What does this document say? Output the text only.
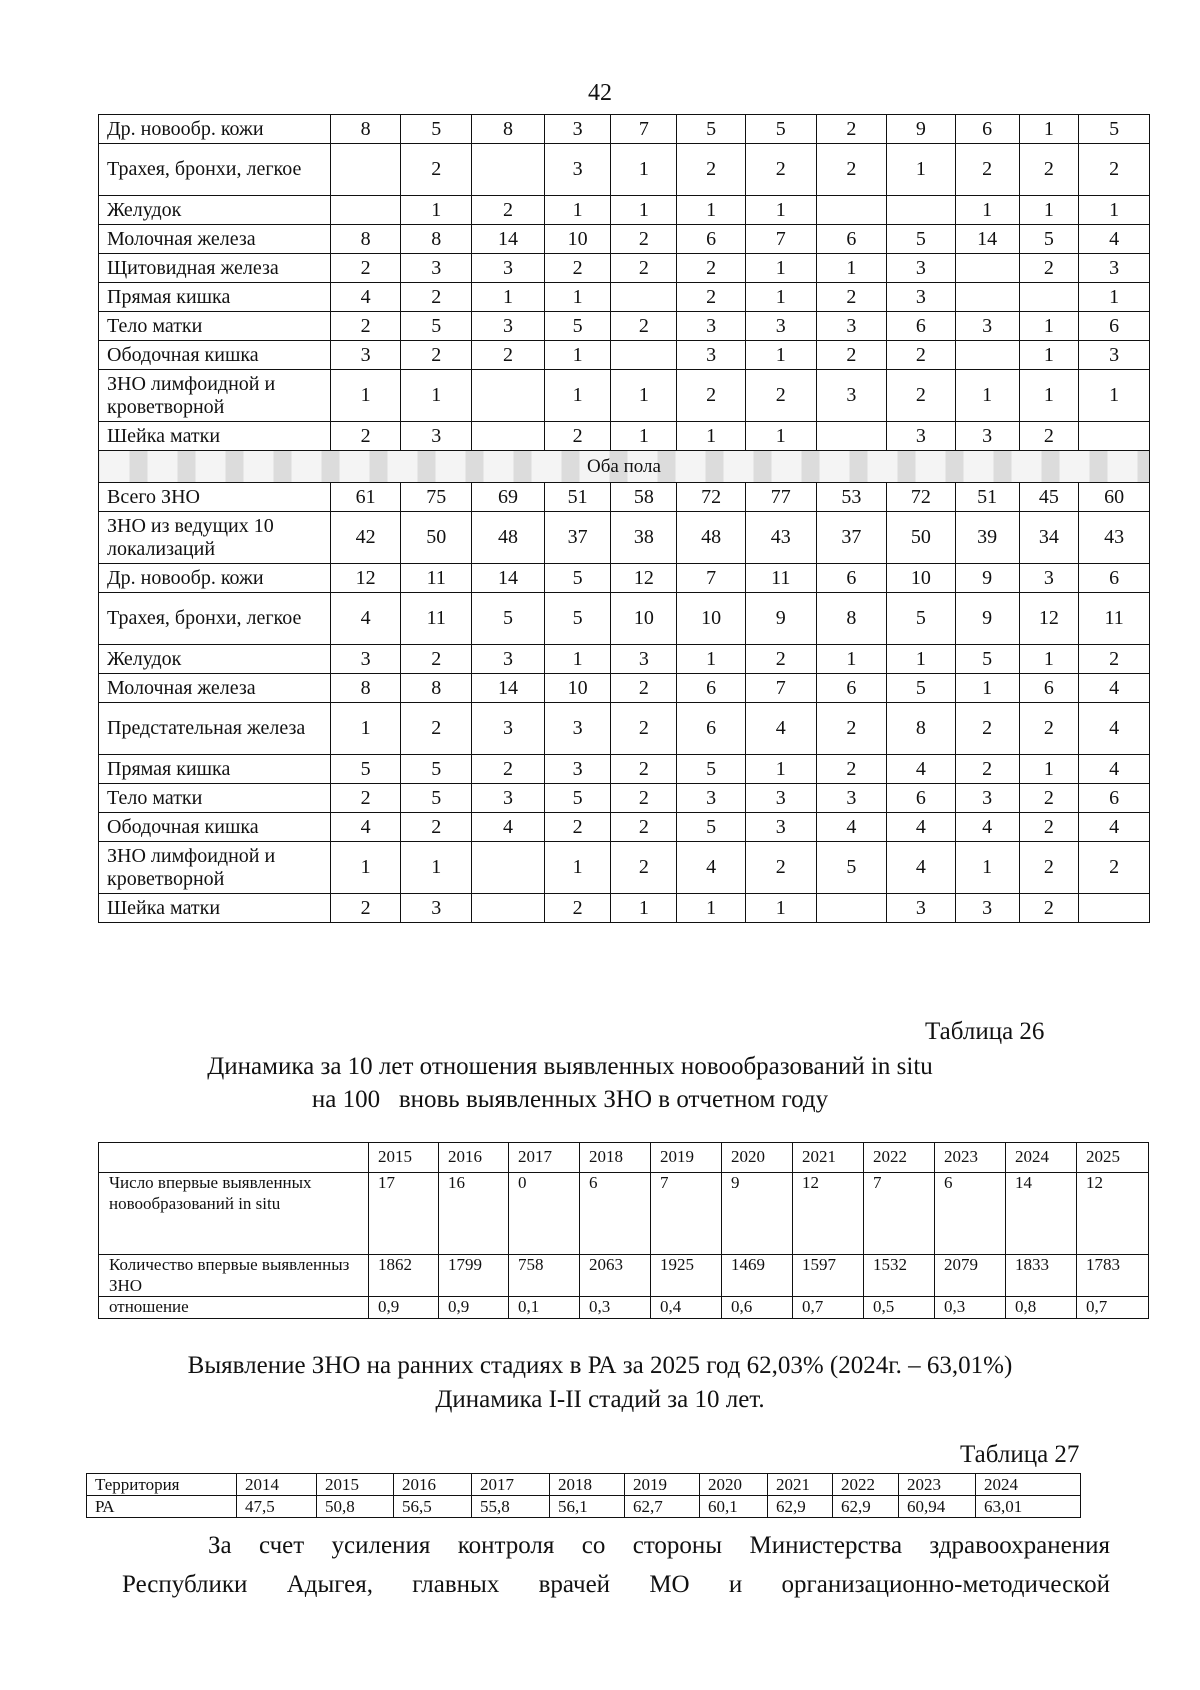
42
Др. новообр. кожи	8	5	8	3	7	5	5	2	9	6	1	5
Трахея, бронхи, легкое		2		3	1	2	2	2	1	2	2	2
Желудок		1	2	1	1	1	1			1	1	1
Молочная железа	8	8	14	10	2	6	7	6	5	14	5	4
Щитовидная железа	2	3	3	2	2	2	1	1	3		2	3
Прямая кишка	4	2	1	1		2	1	2	3			1
Тело матки	2	5	3	5	2	3	3	3	6	3	1	6
Ободочная кишка	3	2	2	1		3	1	2	2		1	3
ЗНО лимфоидной и кроветворной	1	1		1	1	2	2	3	2	1	1	1
Шейка матки	2	3		2	1	1	1		3	3	2	
Оба пола												
Всего ЗНО	61	75	69	51	58	72	77	53	72	51	45	60
ЗНО из ведущих 10 локализаций	42	50	48	37	38	48	43	37	50	39	34	43
Др. новообр. кожи	12	11	14	5	12	7	11	6	10	9	3	6
Трахея, бронхи, легкое	4	11	5	5	10	10	9	8	5	9	12	11
Желудок	3	2	3	1	3	1	2	1	1	5	1	2
Молочная железа	8	8	14	10	2	6	7	6	5	1	6	4
Предстательная железа	1	2	3	3	2	6	4	2	8	2	2	4
Прямая кишка	5	5	2	3	2	5	1	2	4	2	1	4
Тело матки	2	5	3	5	2	3	3	3	6	3	2	6
Ободочная кишка	4	2	4	2	2	5	3	4	4	4	2	4
ЗНО лимфоидной и кроветворной	1	1		1	2	4	2	5	4	1	2	2
Шейка матки	2	3		2	1	1	1		3	3	2	
Таблица 26
Динамика за 10 лет отношения выявленных новообразований in situ
на 100   вновь выявленных ЗНО в отчетном году
	2015	2016	2017	2018	2019	2020	2021	2022	2023	2024	2025
Число впервые выявленных новообразований in situ	17	16	0	6	7	9	12	7	6	14	12
Количество впервые выявленныз ЗНО	1862	1799	758	2063	1925	1469	1597	1532	2079	1833	1783
отношение	0,9	0,9	0,1	0,3	0,4	0,6	0,7	0,5	0,3	0,8	0,7
Выявление ЗНО на ранних стадиях в РА за 2025 год 62,03% (2024г. – 63,01%)
Динамика I-II стадий за 10 лет.
Таблица 27
Территория	2014	2015	2016	2017	2018	2019	2020	2021	2022	2023	2024
РА	47,5	50,8	56,5	55,8	56,1	62,7	60,1	62,9	62,9	60,94	63,01
За счет усиления контроля со стороны Министерства здравоохранения
Республики Адыгея, главных врачей МО и организационно-методической
